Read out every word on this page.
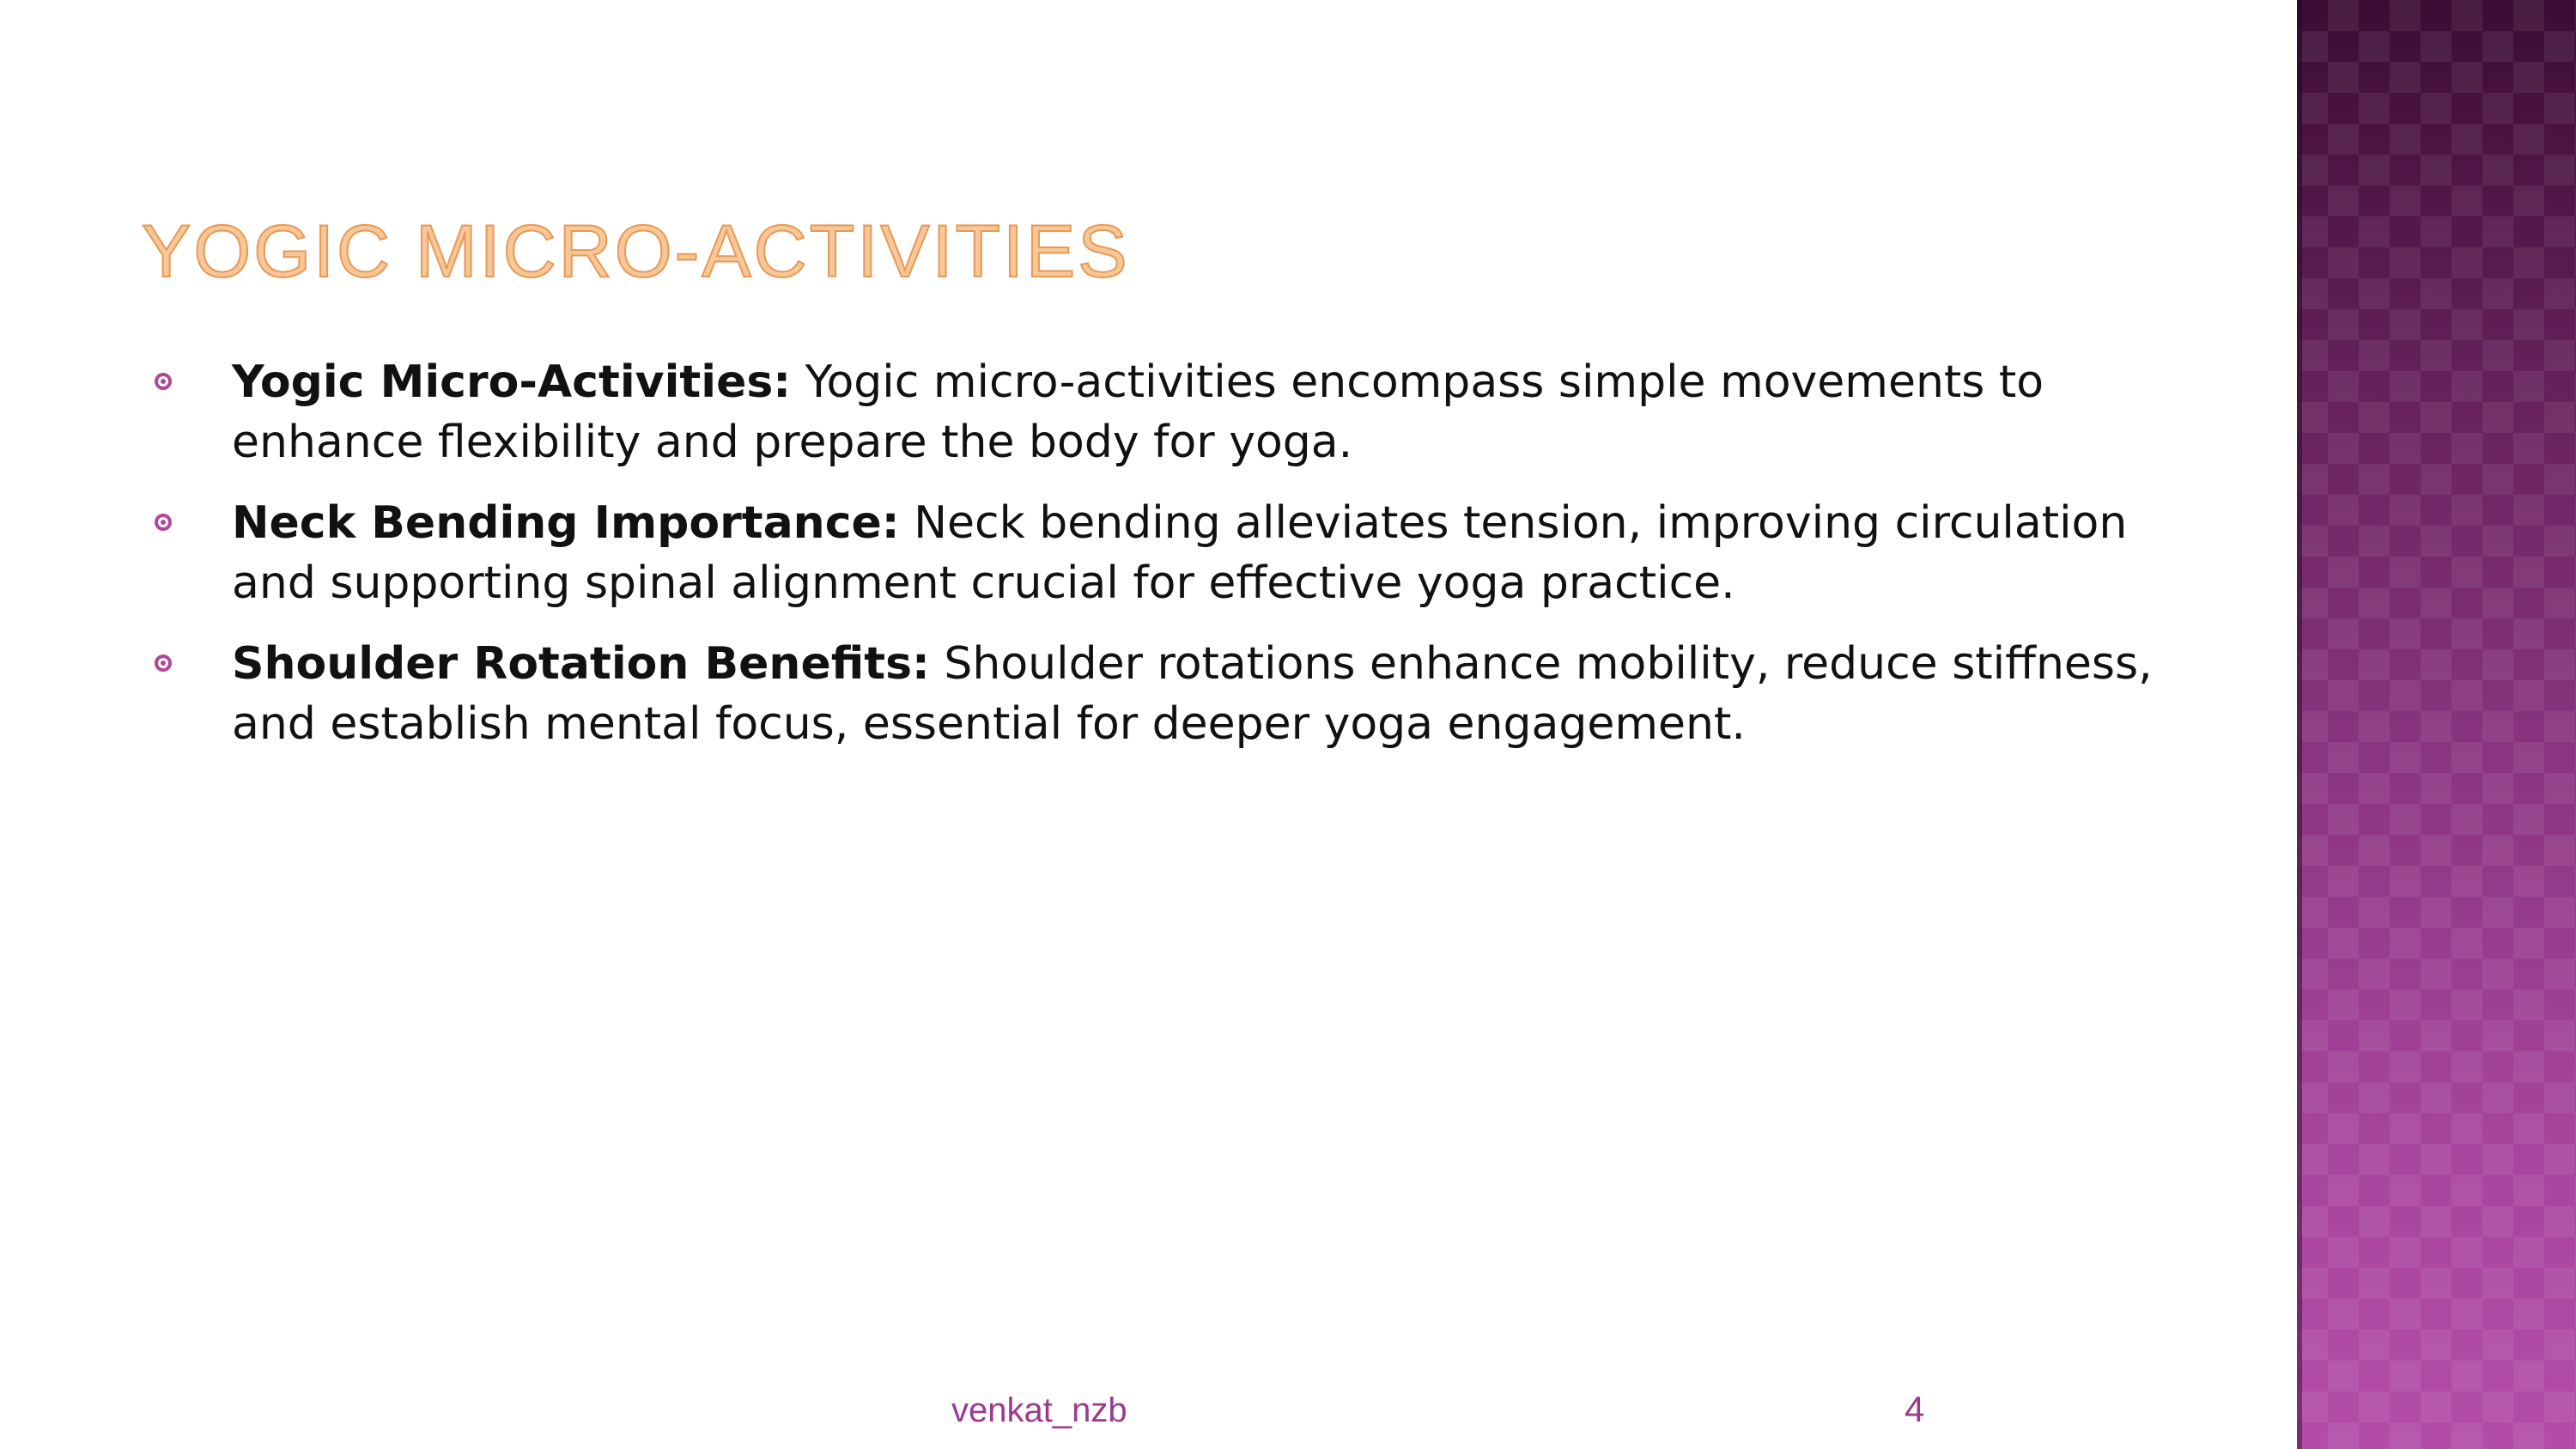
YOGIC MICRO-ACTIVITIES
Yogic Micro-Activities: Yogic micro-activities encompass simple movements to enhance flexibility and prepare the body for yoga.
Neck Bending Importance: Neck bending alleviates tension, improving circulation and supporting spinal alignment crucial for effective yoga practice.
Shoulder Rotation Benefits: Shoulder rotations enhance mobility, reduce stiffness, and establish mental focus, essential for deeper yoga engagement.
venkat_nzb	4
